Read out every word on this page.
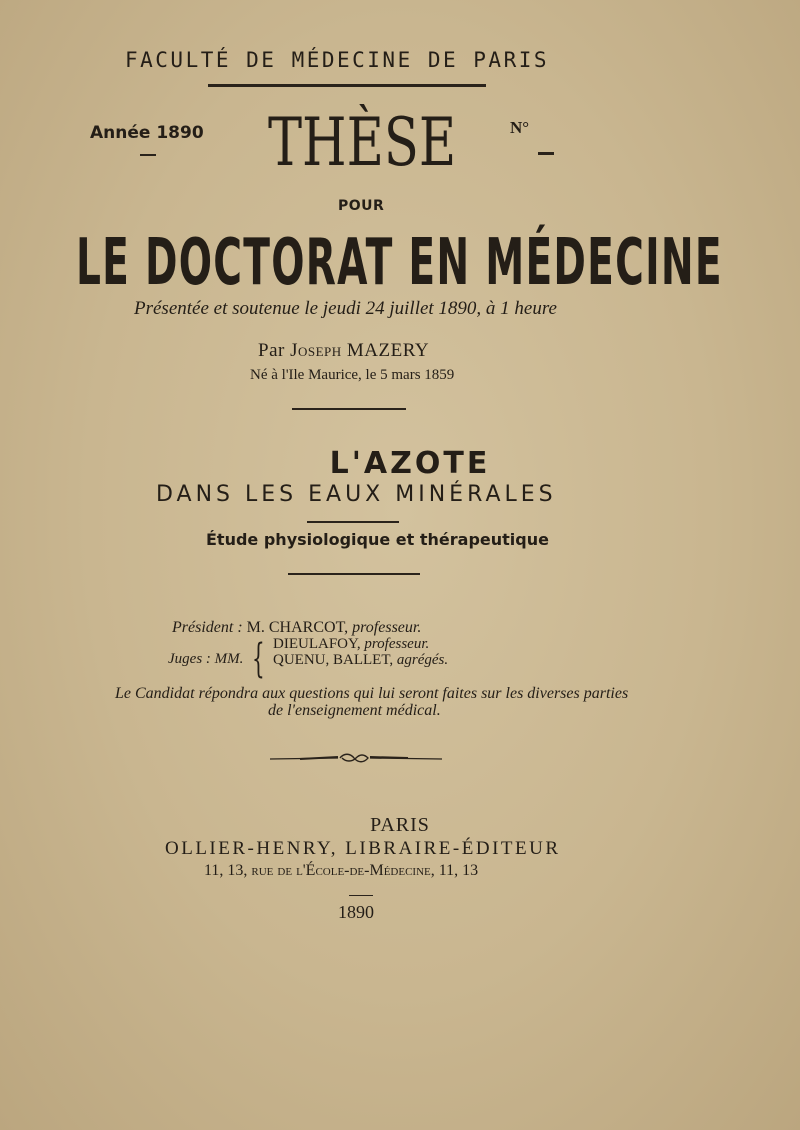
FACULTÉ DE MÉDECINE DE PARIS
Année 1890 THÈSE	N°
POUR
LE DOCTORAT EN MÉDECINE
Présentée et soutenue le jeudi 24 juillet 1890, à 1 heure
Par Joseph MAZERY
Né à l'Ile Maurice, le 5 mars 1859
L'AZOTE
DANS LES EAUX MINÉRALES
Étude physiologique et thérapeutique
Président : M. CHARCOT, professeur.
Juges : MM. { DIEULAFOY, professeur.
QUENU, BALLET, agrégés.
Le Candidat répondra aux questions qui lui seront faites sur les diverses parties
de l'enseignement médical.
PARIS
OLLIER-HENRY, LIBRAIRE-ÉDITEUR
11, 13, rue de l'École-de-Médecine, 11, 13
1890
